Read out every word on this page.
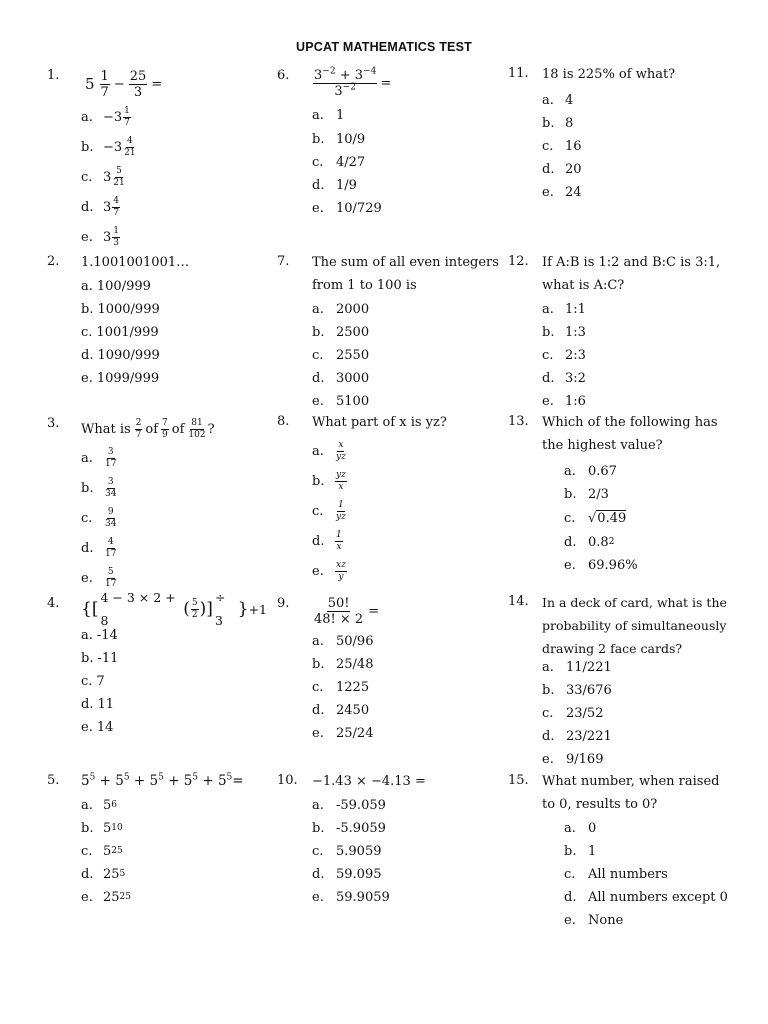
UPCAT MATHEMATICS TEST
1. $5 \frac{1}{7} - \frac{25}{3}$ =
a. $-3 \frac{1}{7}$
b. $-3 \frac{4}{21}$
c. $3 \frac{5}{21}$
d. $3 \frac{4}{7}$
e. $3 \frac{1}{3}$
2. 1.1001001001…
a. 100/999
b. 1000/999
c. 1001/999
d. 1090/999
e. 1099/999
3. What is $\frac{2}{7}$ of $\frac{7}{9}$ of $\frac{81}{102}$ ?
a.	$\frac{3}{17}$
b.	$\frac{3}{34}$
c.	$\frac{9}{34}$
d.	$\frac{4}{17}$
e.	$\frac{5}{17}$
4. {[
4 − 3 × 2 + 8
( $\frac{5}{2}$ ) ]
÷ 3
} +1
a. -14
b. -11
c. 7
d. 11
e. 14
5. $5^5 + 5^5 + 5^5 + 5^5 + 5^5=$
a. 5 6
b. 5 10
c. 5 25
d. 25 5
e. 25 25
6. $\frac{3^{-2} + 3^{-4}}{3^{-2}}$ =
a. 1
b. 10/9
c. 4/27
d. 1/9
e. 10/729
7. The sum of all even integers
from 1 to 100 is
a. 2000
b. 2500
c. 2550
d. 3000
e. 5100
8. What part of x is yz?
a.	$\frac{x}{yz}$
b.	$\frac{yz}{x}$
c.	$\frac{1}{yz}$
d.	$\frac{1}{x}$
e.	$\frac{xz}{y}$
9. $\frac{50!}{48! \times 2}$ =
a. 50/96
b. 25/48
c. 1225
d. 2450
e. 25/24
10. −1.43 × −4.13 =
a. -59.059
b. -5.9059
c. 5.9059
d. 59.095
e. 59.9059
11. 18 is 225% of what?
a. 4
b. 8
c. 16
d. 20
e. 24
12. If A:B is 1:2 and B:C is 3:1,
what is A:C?
a. 1:1
b. 1:3
c. 2:3
d. 3:2
e. 1:6
13. Which of the following has
the highest value?
a. 0.67
b. 2/3
c. √ 0.49
d. 0.8 2
e. 69.96%
14. In a deck of card, what is the
probability of simultaneously
drawing 2 face cards?
a. 11/221
b. 33/676
c. 23/52
d. 23/221
e. 9/169
15. What number, when raised
to 0, results to 0?
a. 0
b. 1
c. All numbers
d. All numbers except 0
e. None
